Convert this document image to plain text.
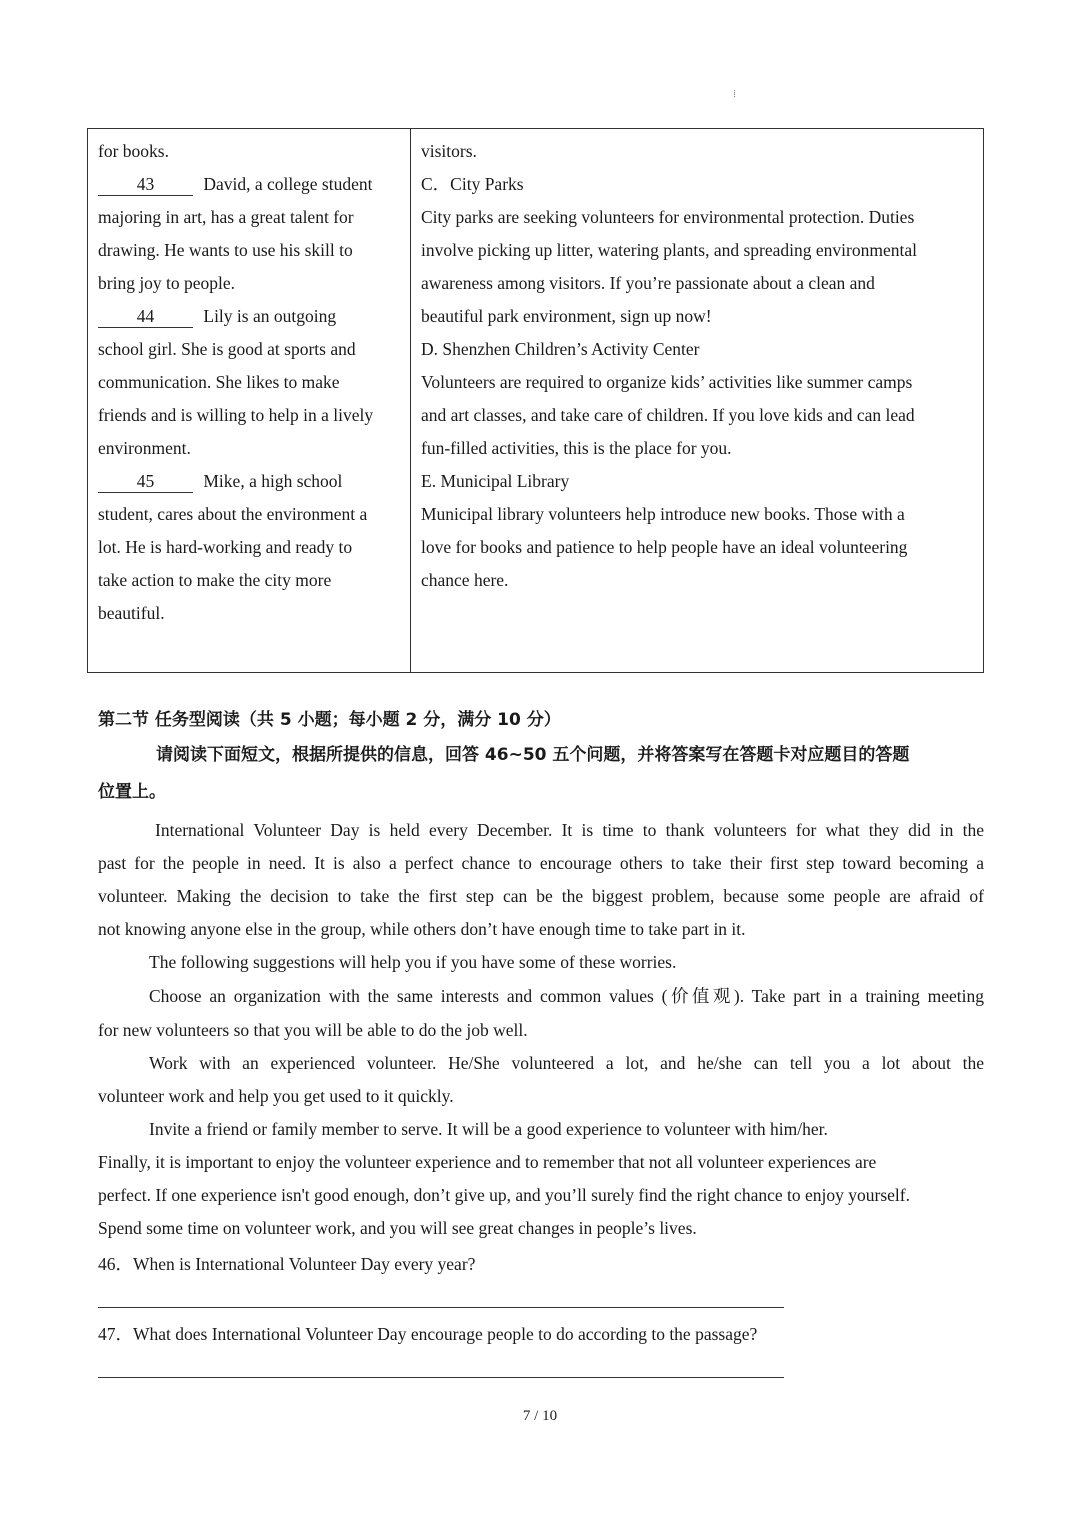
⁞
for books.
43	David, a college student
majoring in art, has a great talent for
drawing. He wants to use his skill to
bring joy to people.
44	Lily is an outgoing
school girl. She is good at sports and
communication. She likes to make
friends and is willing to help in a lively
environment.
45	Mike, a high school
student, cares about the environment a
lot. He is hard-working and ready to
take action to make the city more
beautiful.
visitors.
C．City Parks
City parks are seeking volunteers for environmental protection. Duties
involve picking up litter, watering plants, and spreading environmental
awareness among visitors. If you’re passionate about a clean and
beautiful park environment, sign up now!
D. Shenzhen Children’s Activity Center
Volunteers are required to organize kids’ activities like summer camps
and art classes, and take care of children. If you love kids and can lead
fun-filled activities, this is the place for you.
E. Municipal Library
Municipal library volunteers help introduce new books. Those with a
love for books and patience to help people have an ideal volunteering
chance here.
第二节 任务型阅读（共 5 小题；每小题 2 分，满分 10 分）
请阅读下面短文，根据所提供的信息，回答 46~50 五个问题，并将答案写在答题卡对应题目的答题
位置上。
International Volunteer Day is held every December. It is time to thank volunteers for what they did in the
past for the people in need. It is also a perfect chance to encourage others to take their first step toward becoming a
volunteer. Making the decision to take the first step can be the biggest problem, because some people are afraid of
not knowing anyone else in the group, while others don’t have enough time to take part in it.
The following suggestions will help you if you have some of these worries.
Choose an organization with the same interests and common values (价值观). Take part in a training meeting
for new volunteers so that you will be able to do the job well.
Work with an experienced volunteer. He/She volunteered a lot, and he/she can tell you a lot about the
volunteer work and help you get used to it quickly.
Invite a friend or family member to serve. It will be a good experience to volunteer with him/her.
Finally, it is important to enjoy the volunteer experience and to remember that not all volunteer experiences are
perfect. If one experience isn't good enough, don’t give up, and you’ll surely find the right chance to enjoy yourself.
Spend some time on volunteer work, and you will see great changes in people’s lives.
46．When is International Volunteer Day every year?
47．What does International Volunteer Day encourage people to do according to the passage?
7 / 10
